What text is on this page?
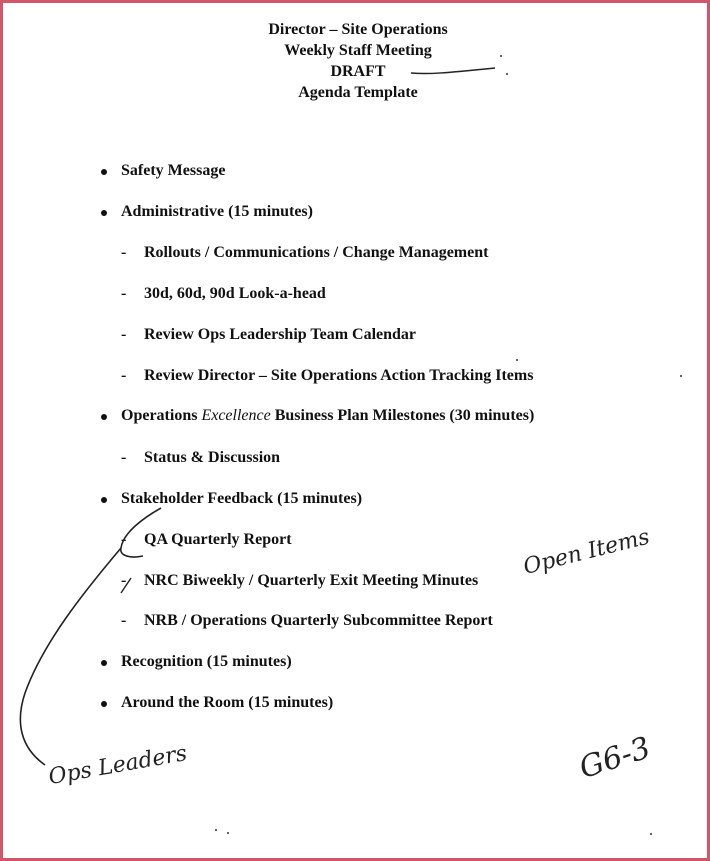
Director – Site Operations
Weekly Staff Meeting
DRAFT
Agenda Template
Safety Message
Administrative (15 minutes)
- Rollouts / Communications / Change Management
- 30d, 60d, 90d Look-a-head
- Review Ops Leadership Team Calendar
- Review Director – Site Operations Action Tracking Items
Operations Excellence Business Plan Milestones (30 minutes)
- Status & Discussion
Stakeholder Feedback (15 minutes)
- QA Quarterly Report
- NRC Biweekly / Quarterly Exit Meeting Minutes
- NRB / Operations Quarterly Subcommittee Report
Recognition (15 minutes)
Around the Room (15 minutes)
Open Items
Ops Leaders	G6-3
